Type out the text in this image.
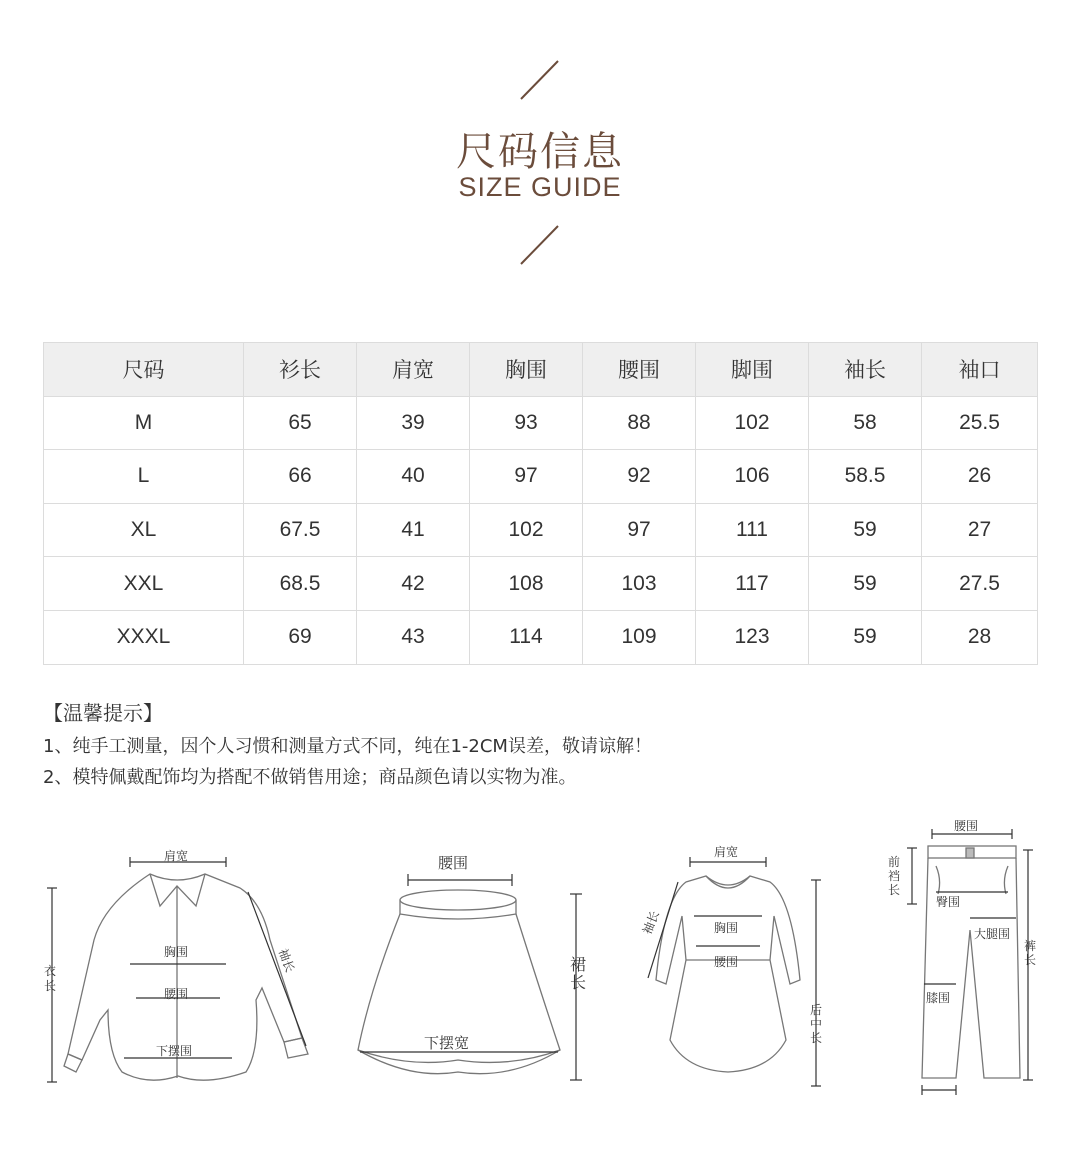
尺码信息
SIZE GUIDE
尺码	衫长	肩宽	胸围	腰围	脚围	袖长	袖口
M	65	39	93	88	102	58	25.5
L	66	40	97	92	106	58.5	26
XL	67.5	41	102	97	111	59	27
XXL	68.5	42	108	103	117	59	27.5
XXXL	69	43	114	109	123	59	28
【温馨提示】
1、纯手工测量，因个人习惯和测量方式不同，纯在1-2CM误差，敬请谅解！
2、模特佩戴配饰均为搭配不做销售用途；商品颜色请以实物为准。
肩宽
衣
长
袖长
胸围
腰围
下摆围
腰围
裙
长
下摆宽
肩宽
袖长	胸围
腰围
后
中
长
腰围
前
裆
长
臀围
大腿围
裤
长
膝围
